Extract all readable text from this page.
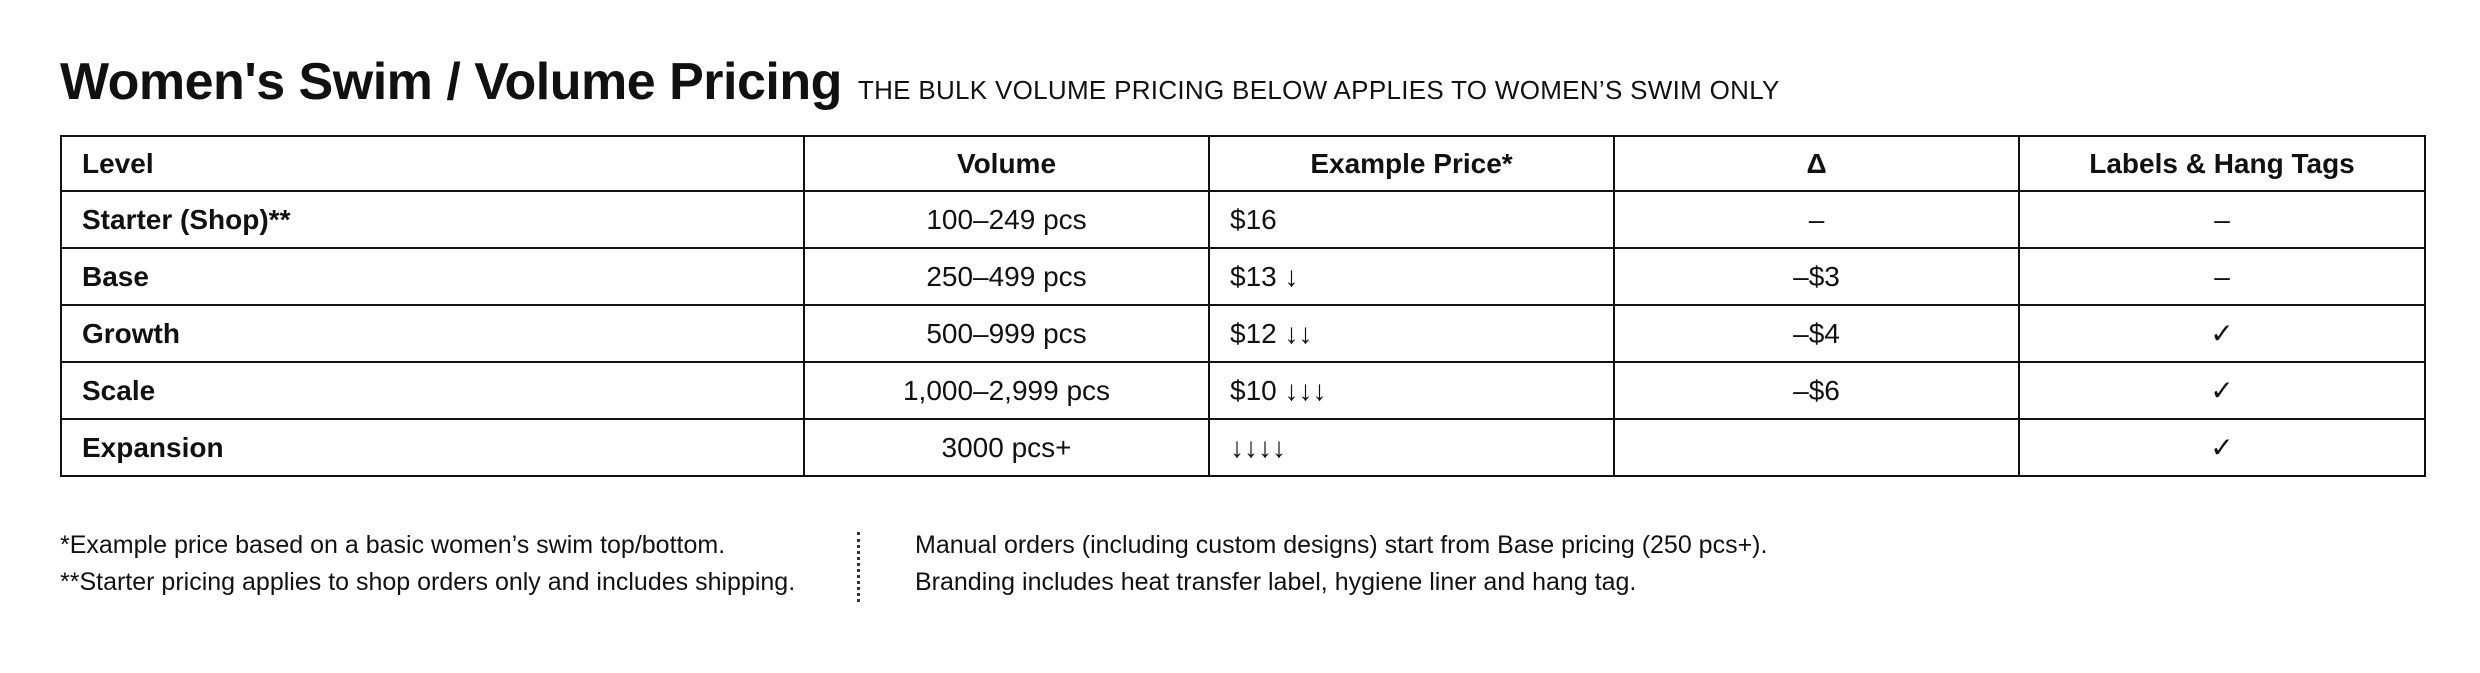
Women's Swim / Volume Pricing THE BULK VOLUME PRICING BELOW APPLIES TO WOMEN’S SWIM ONLY
Level	Volume	Example Price*	Δ	Labels & Hang Tags
Starter (Shop)**	100–249 pcs	$16	–	–
Base	250–499 pcs	$13 ↓	–$3	–
Growth	500–999 pcs	$12 ↓↓	–$4	✓
Scale	1,000–2,999 pcs	$10 ↓↓↓	–$6	✓
Expansion	3000 pcs+	↓↓↓↓		✓
*Example price based on a basic women’s swim top/bottom.
**Starter pricing applies to shop orders only and includes shipping.
Manual orders (including custom designs) start from Base pricing (250 pcs+).
Branding includes heat transfer label, hygiene liner and hang tag.
